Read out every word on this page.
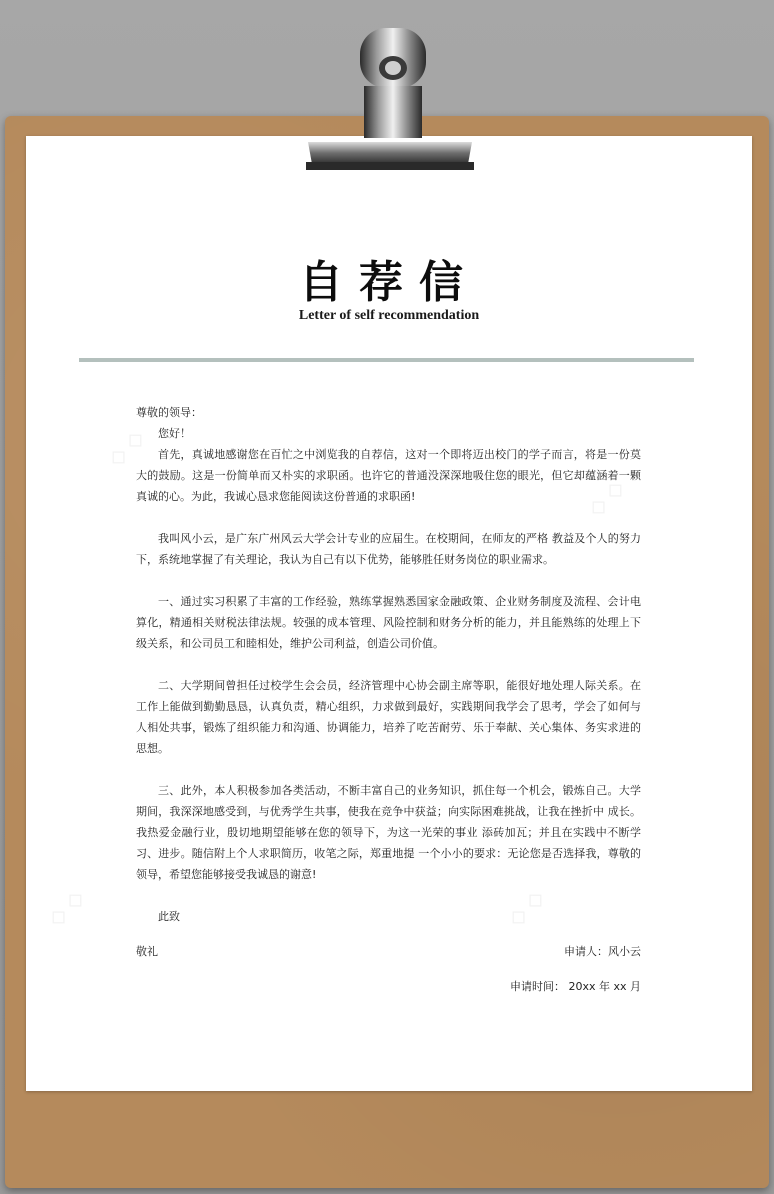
自荐信
Letter of self recommendation

尊敬的领导：

您好！

首先，真诚地感谢您在百忙之中浏览我的自荐信，这对一个即将迈出校门的学子而言，将是一份莫大的鼓励。这是一份简单而又朴实的求职函。也许它的普通没深深地吸住您的眼光，但它却蕴涵着一颗真诚的心。为此，我诚心恳求您能阅读这份普通的求职函!

我叫风小云，是广东广州风云大学会计专业的应届生。在校期间，在师友的严格 教益及个人的努力下，系统地掌握了有关理论，我认为自己有以下优势，能够胜任财务岗位的职业需求。

一、通过实习积累了丰富的工作经验，熟练掌握熟悉国家金融政策、企业财务制度及流程、会计电算化，精通相关财税法律法规。较强的成本管理、风险控制和财务分析的能力，并且能熟练的处理上下级关系，和公司员工和睦相处，维护公司利益，创造公司价值。

二、大学期间曾担任过校学生会会员，经济管理中心协会副主席等职，能很好地处理人际关系。在工作上能做到勤勤恳恳，认真负责，精心组织，力求做到最好，实践期间我学会了思考，学会了如何与人相处共事，锻炼了组织能力和沟通、协调能力，培养了吃苦耐劳、乐于奉献、关心集体、务实求进的思想。

三、此外，本人积极参加各类活动，不断丰富自己的业务知识，抓住每一个机会，锻炼自己。大学期间，我深深地感受到，与优秀学生共事，使我在竞争中获益；向实际困难挑战，让我在挫折中 成长。我热爱金融行业，殷切地期望能够在您的领导下，为这一光荣的事业 添砖加瓦；并且在实践中不断学习、进步。随信附上个人求职简历，收笔之际，郑重地提 一个小小的要求：无论您是否选择我，尊敬的领导，希望您能够接受我诚恳的谢意!

此致

敬礼	申请人：风小云
申请时间： 20xx 年 xx 月
◇ ◇
◇ ◇
◇ ◇	◇ ◇
